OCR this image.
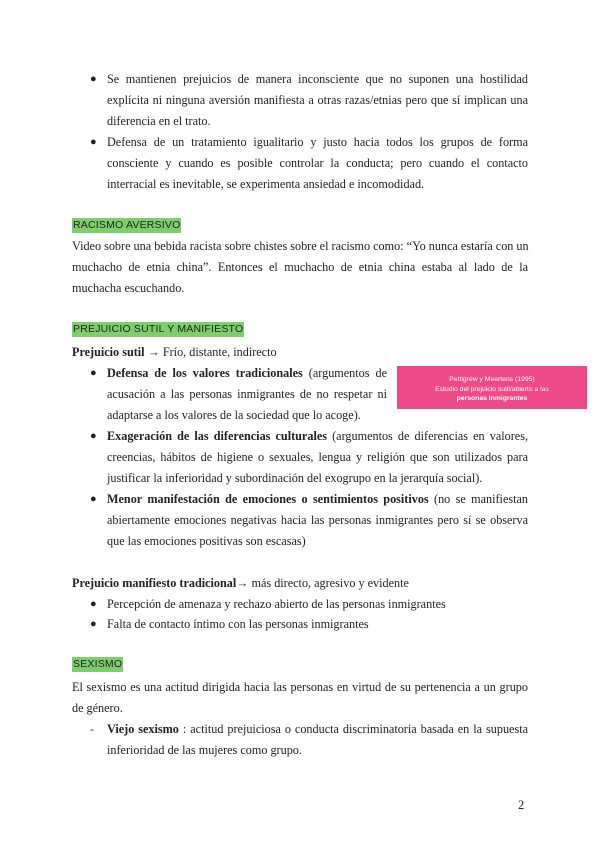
● Se mantienen prejuicios de manera inconsciente que no suponen una hostilidad
explícita ni ninguna aversión manifiesta a otras razas/etnias pero que sí implican una
diferencia en el trato.
● Defensa de un tratamiento igualitario y justo hacia todos los grupos de forma
consciente y cuando es posible controlar la conducta; pero cuando el contacto
interracial es inevitable, se experimenta ansiedad e incomodidad.
RACISMO AVERSIVO
Video sobre una bebida racista sobre chistes sobre el racismo como: “Yo nunca estaría con un
muchacho de etnia china”. Entonces el muchacho de etnia china estaba al lado de la
muchacha escuchando.
PREJUICIO SUTIL Y MANIFIESTO
Prejuicio sutil → Frío, distante, indirecto
Pettigrew y Meertens (1995)
Estudio del prejuicio sutil/abierto a las
personas inmigrantes
● Defensa de los valores tradicionales (argumentos de
acusación a las personas inmigrantes de no respetar ni
adaptarse a los valores de la sociedad que lo acoge).
● Exageración de las diferencias culturales (argumentos de diferencias en valores,
creencias, hábitos de higiene o sexuales, lengua y religión que son utilizados para
justificar la inferioridad y subordinación del exogrupo en la jerarquía social).
● Menor manifestación de emociones o sentimientos positivos (no se manifiestan
abiertamente emociones negativas hacia las personas inmigrantes pero sí se observa
que las emociones positivas son escasas)
Prejuicio manifiesto tradicional→ más directo, agresivo y evidente
● Percepción de amenaza y rechazo abierto de las personas inmigrantes
● Falta de contacto íntimo con las personas inmigrantes
SEXISMO
El sexismo es una actitud dirigida hacia las personas en virtud de su pertenencia a un grupo
de género.
- Viejo sexismo : actitud prejuiciosa o conducta discriminatoria basada en la supuesta
inferioridad de las mujeres como grupo.
2
